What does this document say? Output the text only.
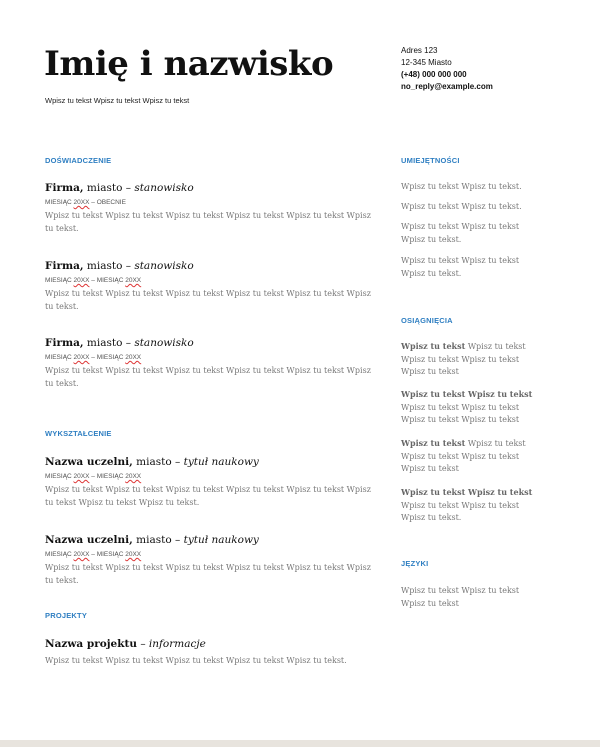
Imię i nazwisko
Wpisz tu tekst Wpisz tu tekst Wpisz tu tekst
Adres 123
12-345 Miasto
(+48) 000 000 000
no_reply@example.com
DOŚWIADCZENIE
Firma, miasto – stanowisko
MIESIĄC 20XX – OBECNIE
Wpisz tu tekst Wpisz tu tekst Wpisz tu tekst Wpisz tu tekst Wpisz tu tekst Wpisz tu tekst.
Firma, miasto – stanowisko
MIESIĄC 20XX – MIESIĄC 20XX
Wpisz tu tekst Wpisz tu tekst Wpisz tu tekst Wpisz tu tekst Wpisz tu tekst Wpisz tu tekst.
Firma, miasto – stanowisko
MIESIĄC 20XX – MIESIĄC 20XX
Wpisz tu tekst Wpisz tu tekst Wpisz tu tekst Wpisz tu tekst Wpisz tu tekst Wpisz tu tekst.
WYKSZTAŁCENIE
Nazwa uczelni, miasto – tytuł naukowy
MIESIĄC 20XX – MIESIĄC 20XX
Wpisz tu tekst Wpisz tu tekst Wpisz tu tekst Wpisz tu tekst Wpisz tu tekst Wpisz tu tekst Wpisz tu tekst Wpisz tu tekst.
Nazwa uczelni, miasto – tytuł naukowy
MIESIĄC 20XX – MIESIĄC 20XX
Wpisz tu tekst Wpisz tu tekst Wpisz tu tekst Wpisz tu tekst Wpisz tu tekst Wpisz tu tekst.
PROJEKTY
Nazwa projektu – informacje
Wpisz tu tekst Wpisz tu tekst Wpisz tu tekst Wpisz tu tekst Wpisz tu tekst.
UMIEJĘTNOŚCI
Wpisz tu tekst Wpisz tu tekst.
Wpisz tu tekst Wpisz tu tekst.
Wpisz tu tekst Wpisz tu tekst Wpisz tu tekst.
Wpisz tu tekst Wpisz tu tekst Wpisz tu tekst.
OSIĄGNIĘCIA
Wpisz tu tekst Wpisz tu tekst Wpisz tu tekst Wpisz tu tekst Wpisz tu tekst
Wpisz tu tekst Wpisz tu tekst Wpisz tu tekst Wpisz tu tekst Wpisz tu tekst Wpisz tu tekst
Wpisz tu tekst Wpisz tu tekst Wpisz tu tekst Wpisz tu tekst Wpisz tu tekst
Wpisz tu tekst Wpisz tu tekst Wpisz tu tekst Wpisz tu tekst Wpisz tu tekst.
JĘZYKI
Wpisz tu tekst Wpisz tu tekst Wpisz tu tekst
